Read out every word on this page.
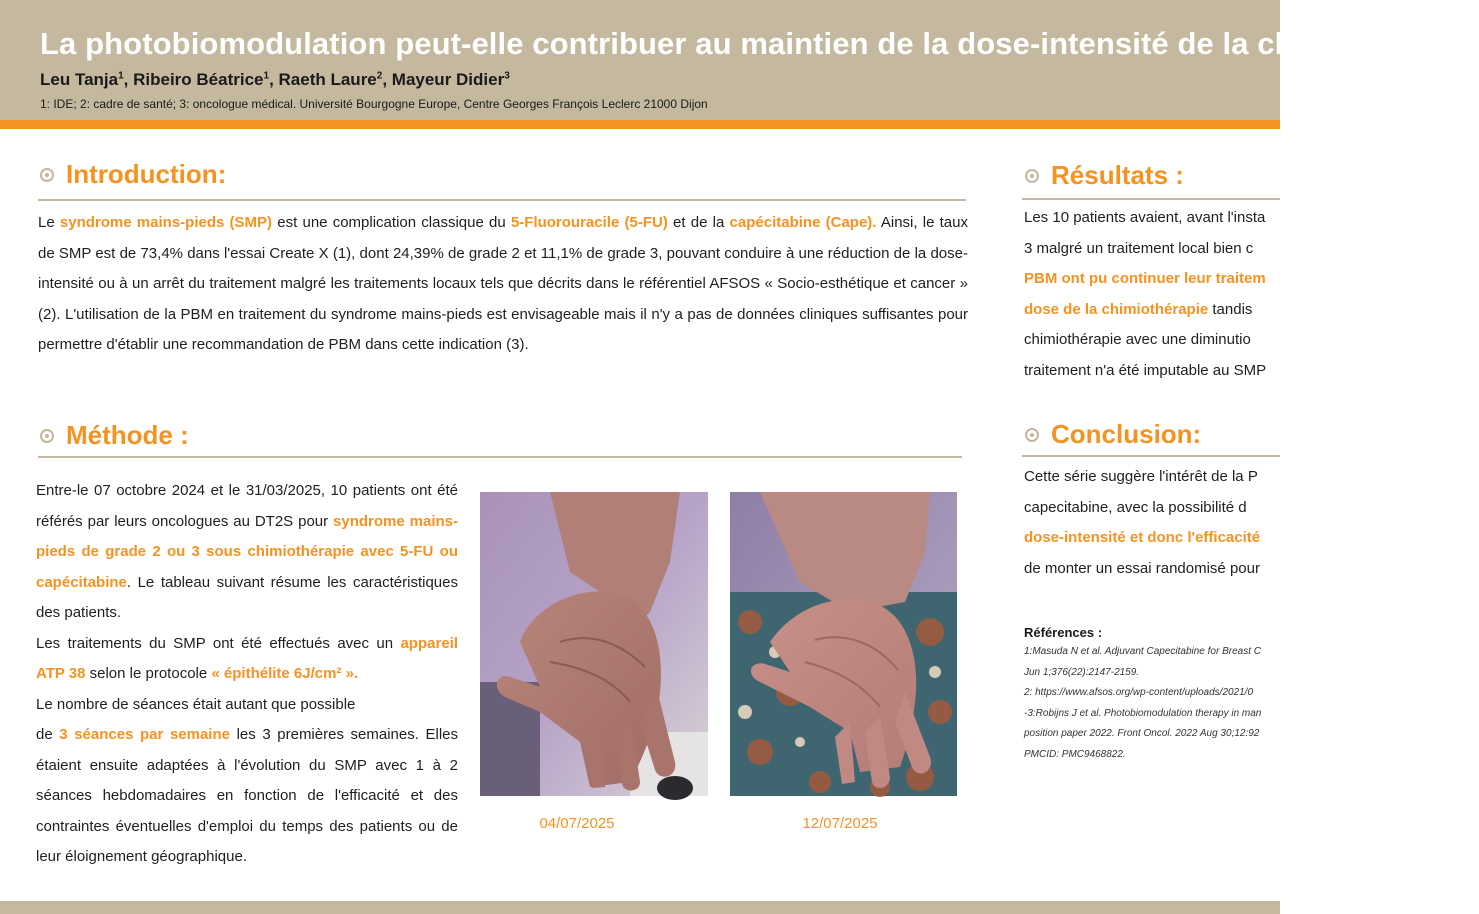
La photobiomodulation peut-elle contribuer au maintien de la dose-intensité de la chimiothérapie
Leu Tanja$^1$, Ribeiro Béatrice$^1$, Raeth Laure$^2$, Mayeur Didier$^3$
1: IDE; 2: cadre de santé; 3: oncologue médical. Université Bourgogne Europe, Centre Georges François Leclerc 21000 Dijon
Introduction:

Le syndrome mains-pieds (SMP) est une complication classique du 5-Fluorouracile (5-FU) et de la capécitabine (Cape). Ainsi, le taux de SMP est de 73,4% dans l'essai Create X (1), dont 24,39% de grade 2 et 11,1% de grade 3, pouvant conduire à une réduction de la dose-intensité ou à un arrêt du traitement malgré les traitements locaux tels que décrits dans le référentiel AFSOS « Socio-esthétique et cancer » (2). L'utilisation de la PBM en traitement du syndrome mains-pieds est envisageable mais il n'y a pas de données cliniques suffisantes pour permettre d'établir une recommandation de PBM dans cette indication (3).

Méthode :

Entre-le 07 octobre 2024 et le 31/03/2025, 10 patients ont été référés par leurs oncologues au DT2S pour syndrome mains-pieds de grade 2 ou 3 sous chimiothérapie avec 5-FU ou capécitabine. Le tableau suivant résume les caractéristiques des patients.

Les traitements du SMP ont été effectués avec un appareil ATP 38 selon le protocole « épithélite 6J/cm² ».

Le nombre de séances était autant que possible

de 3 séances par semaine les 3 premières semaines. Elles étaient ensuite adaptées à l'évolution du SMP avec 1 à 2 séances hebdomadaires en fonction de l'efficacité et des contraintes éventuelles d'emploi du temps des patients ou de leur éloignement géographique.

04/07/2025	12/07/2025
Résultats :
Les 10 patients avaient, avant l'insta
3 malgré un traitement local bien c
PBM ont pu continuer leur traitem
dose de la chimiothérapie tandis
chimiothérapie avec une diminutio
traitement n'a été imputable au SMP
Conclusion:
Cette série suggère l'intérêt de la P
capecitabine, avec la possibilité d
dose-intensité et donc l'efficacité
de monter un essai randomisé pour
Références :
1:Masuda N et al. Adjuvant Capecitabine for Breast C
Jun 1;376(22):2147-2159.
2: https://www.afsos.org/wp-content/uploads/2021/0
-3:Robijns J et al. Photobiomodulation therapy in man
position paper 2022. Front Oncol. 2022 Aug 30;12:92
PMCID: PMC9468822.
